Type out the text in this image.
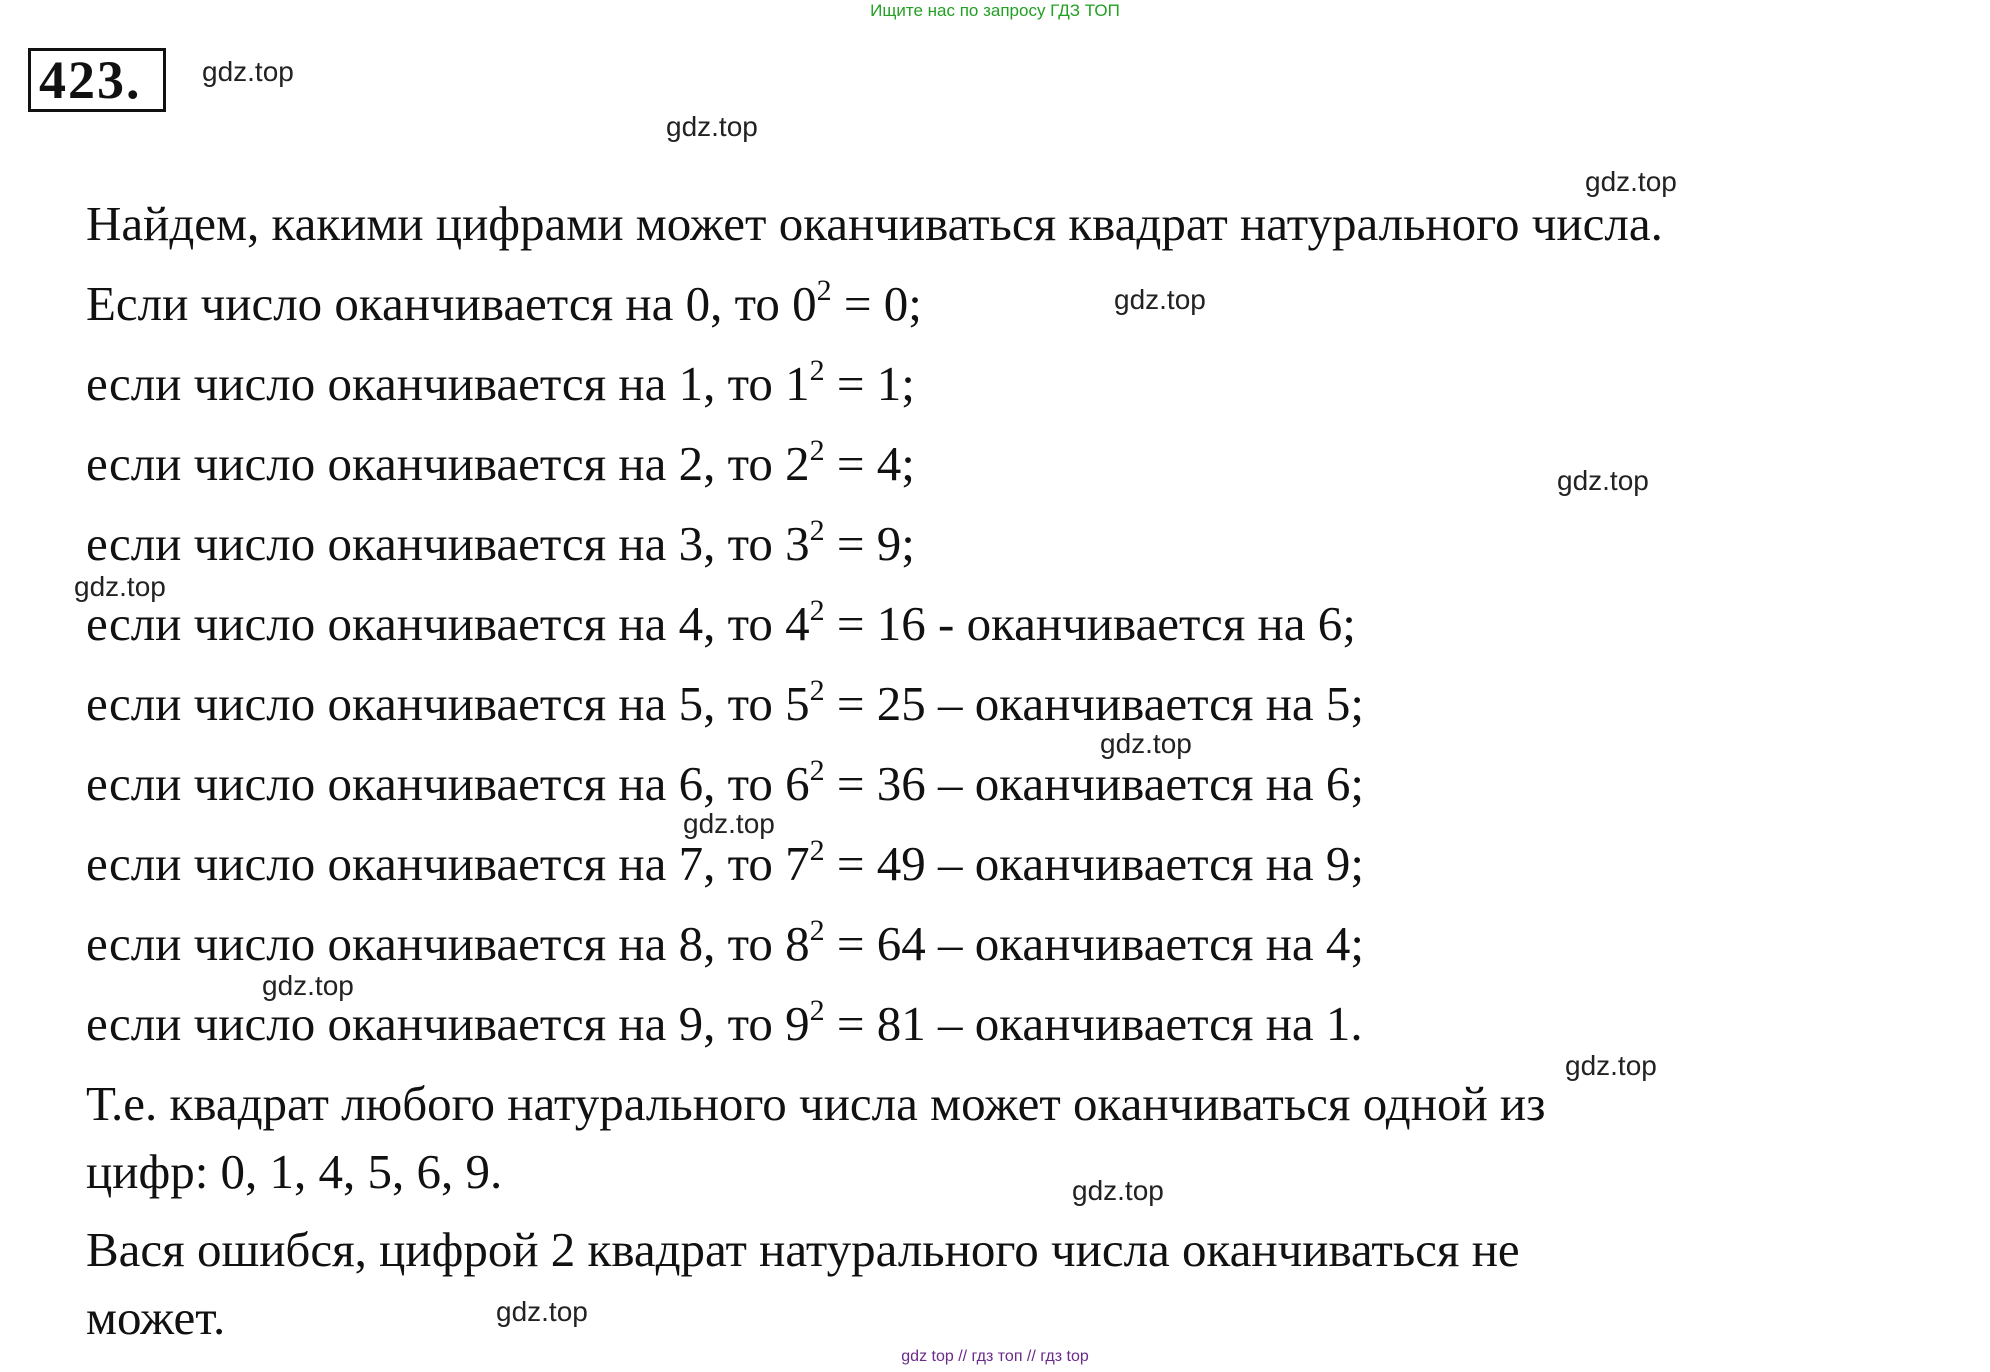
Ищите нас по запросу ГДЗ ТОП
423.	gdz.top
gdz.top
gdz.top
gdz.top
gdz.top
gdz.top
gdz.top
gdz.top
gdz.top
gdz.top
gdz.top
gdz.top
Найдем, какими цифрами может оканчиваться квадрат натурального числа.
Если число оканчивается на 0, то $0^2 = 0$;
если число оканчивается на 1, то $1^2 = 1$;
если число оканчивается на 2, то $2^2 = 4$;
если число оканчивается на 3, то $3^2 = 9$;
если число оканчивается на 4, то $4^2 = 16$ - оканчивается на 6;
если число оканчивается на 5, то $5^2 = 25$ – оканчивается на 5;
если число оканчивается на 6, то $6^2 = 36$ – оканчивается на 6;
если число оканчивается на 7, то $7^2 = 49$ – оканчивается на 9;
если число оканчивается на 8, то $8^2 = 64$ – оканчивается на 4;
если число оканчивается на 9, то $9^2 = 81$ – оканчивается на 1.
Т.е. квадрат любого натурального числа может оканчиваться одной из
цифр: 0, 1, 4, 5, 6, 9.
Вася ошибся, цифрой 2 квадрат натурального числа оканчиваться не
может.
gdz top // гдз топ // гдз top
